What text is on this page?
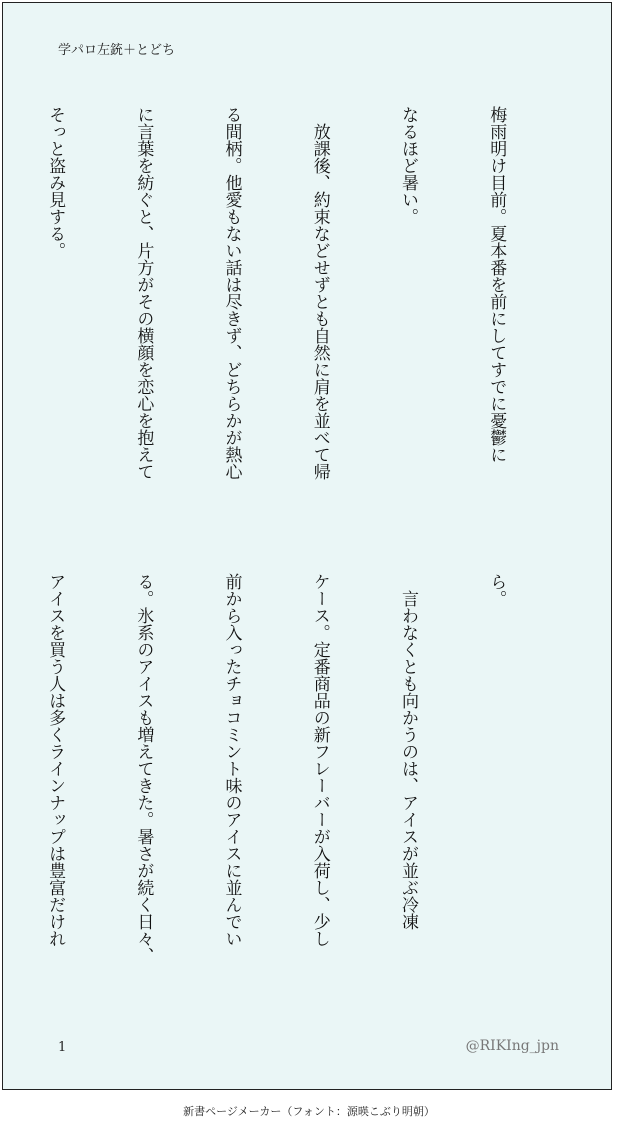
学パロ左銃＋とどち

梅雨明け目前。夏本番を前にしてすでに憂鬱に

なるほど暑い。

　放課後、約束などせずとも自然に肩を並べて帰

る間柄。他愛もない話は尽きず、どちらかが熱心

に言葉を紡ぐと、片方がその横顔を恋心を抱えて

そっと盗み見する。

ら。

　言わなくとも向かうのは、アイスが並ぶ冷凍

ケース。定番商品の新フレーバーが入荷し、少し

前から入ったチョコミント味のアイスに並んでい

る。氷系のアイスも増えてきた。暑さが続く日々、

アイスを買う人は多くラインナップは豊富だけれ

1	@RIKIng_jpn
新書ページメーカー（フォント：源暎こぶり明朝）
